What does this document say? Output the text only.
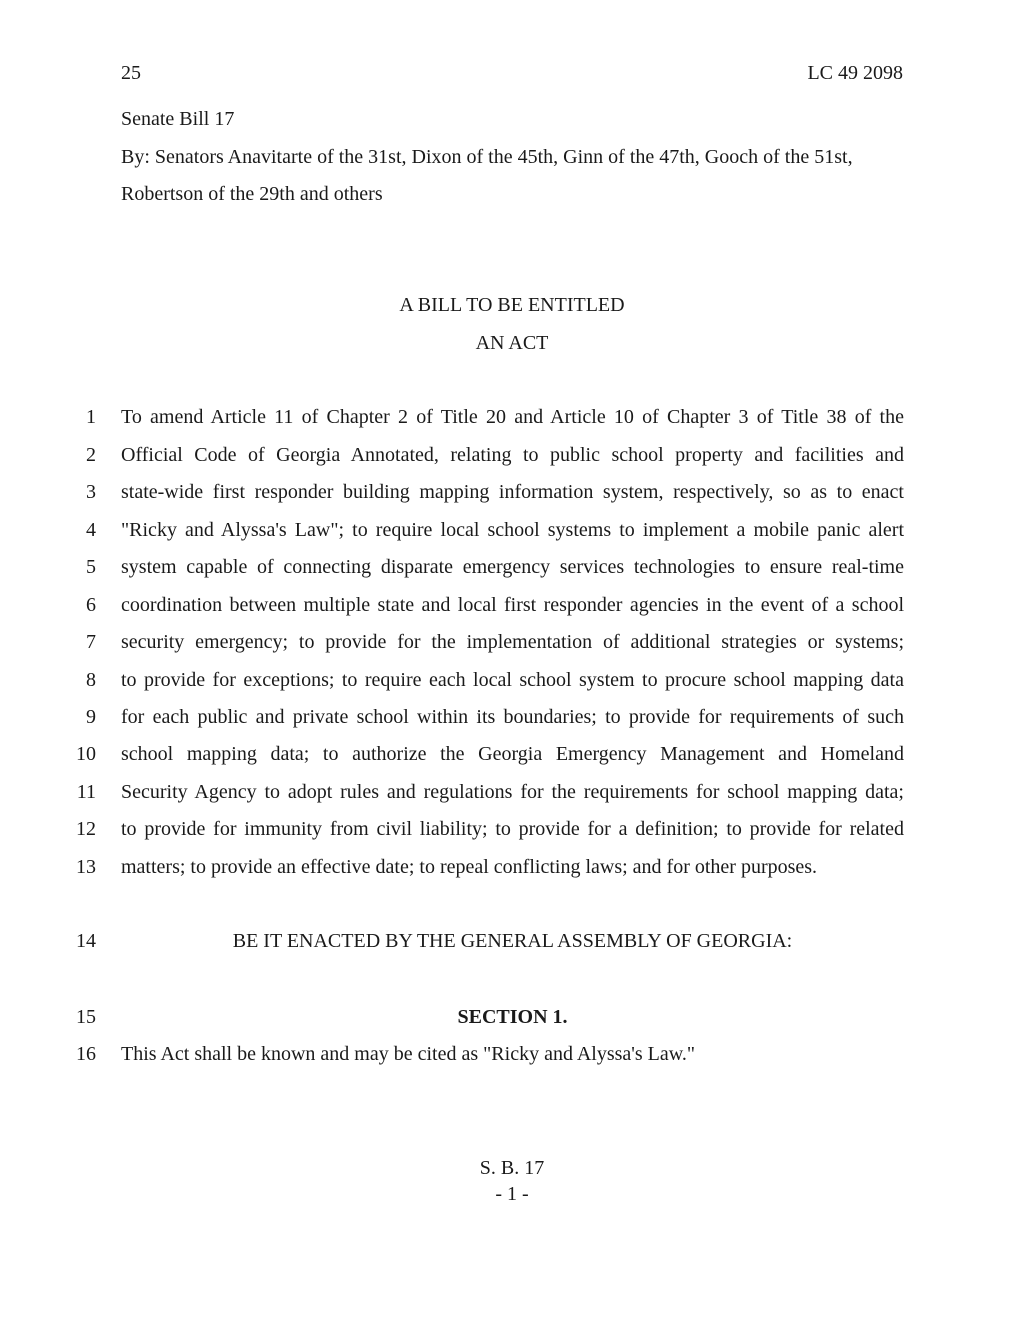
25	LC 49 2098
Senate Bill 17
By: Senators Anavitarte of the 31st, Dixon of the 45th, Ginn of the 47th, Gooch of the 51st,
Robertson of the 29th and others
A BILL TO BE ENTITLED
AN ACT
1 To amend Article 11 of Chapter 2 of Title 20 and Article 10 of Chapter 3 of Title 38 of the
2 Official Code of Georgia Annotated, relating to public school property and facilities and
3 state-wide first responder building mapping information system, respectively, so as to enact
4 "Ricky and Alyssa's Law"; to require local school systems to implement a mobile panic alert
5 system capable of connecting disparate emergency services technologies to ensure real-time
6 coordination between multiple state and local first responder agencies in the event of a school
7 security emergency; to provide for the implementation of additional strategies or systems;
8 to provide for exceptions; to require each local school system to procure school mapping data
9 for each public and private school within its boundaries; to provide for requirements of such
10 school mapping data; to authorize the Georgia Emergency Management and Homeland
11 Security Agency to adopt rules and regulations for the requirements for school mapping data;
12 to provide for immunity from civil liability; to provide for a definition; to provide for related
13 matters; to provide an effective date; to repeal conflicting laws; and for other purposes.
14	BE IT ENACTED BY THE GENERAL ASSEMBLY OF GEORGIA:
15	SECTION 1.
16 This Act shall be known and may be cited as "Ricky and Alyssa's Law."
S. B. 17
- 1 -
